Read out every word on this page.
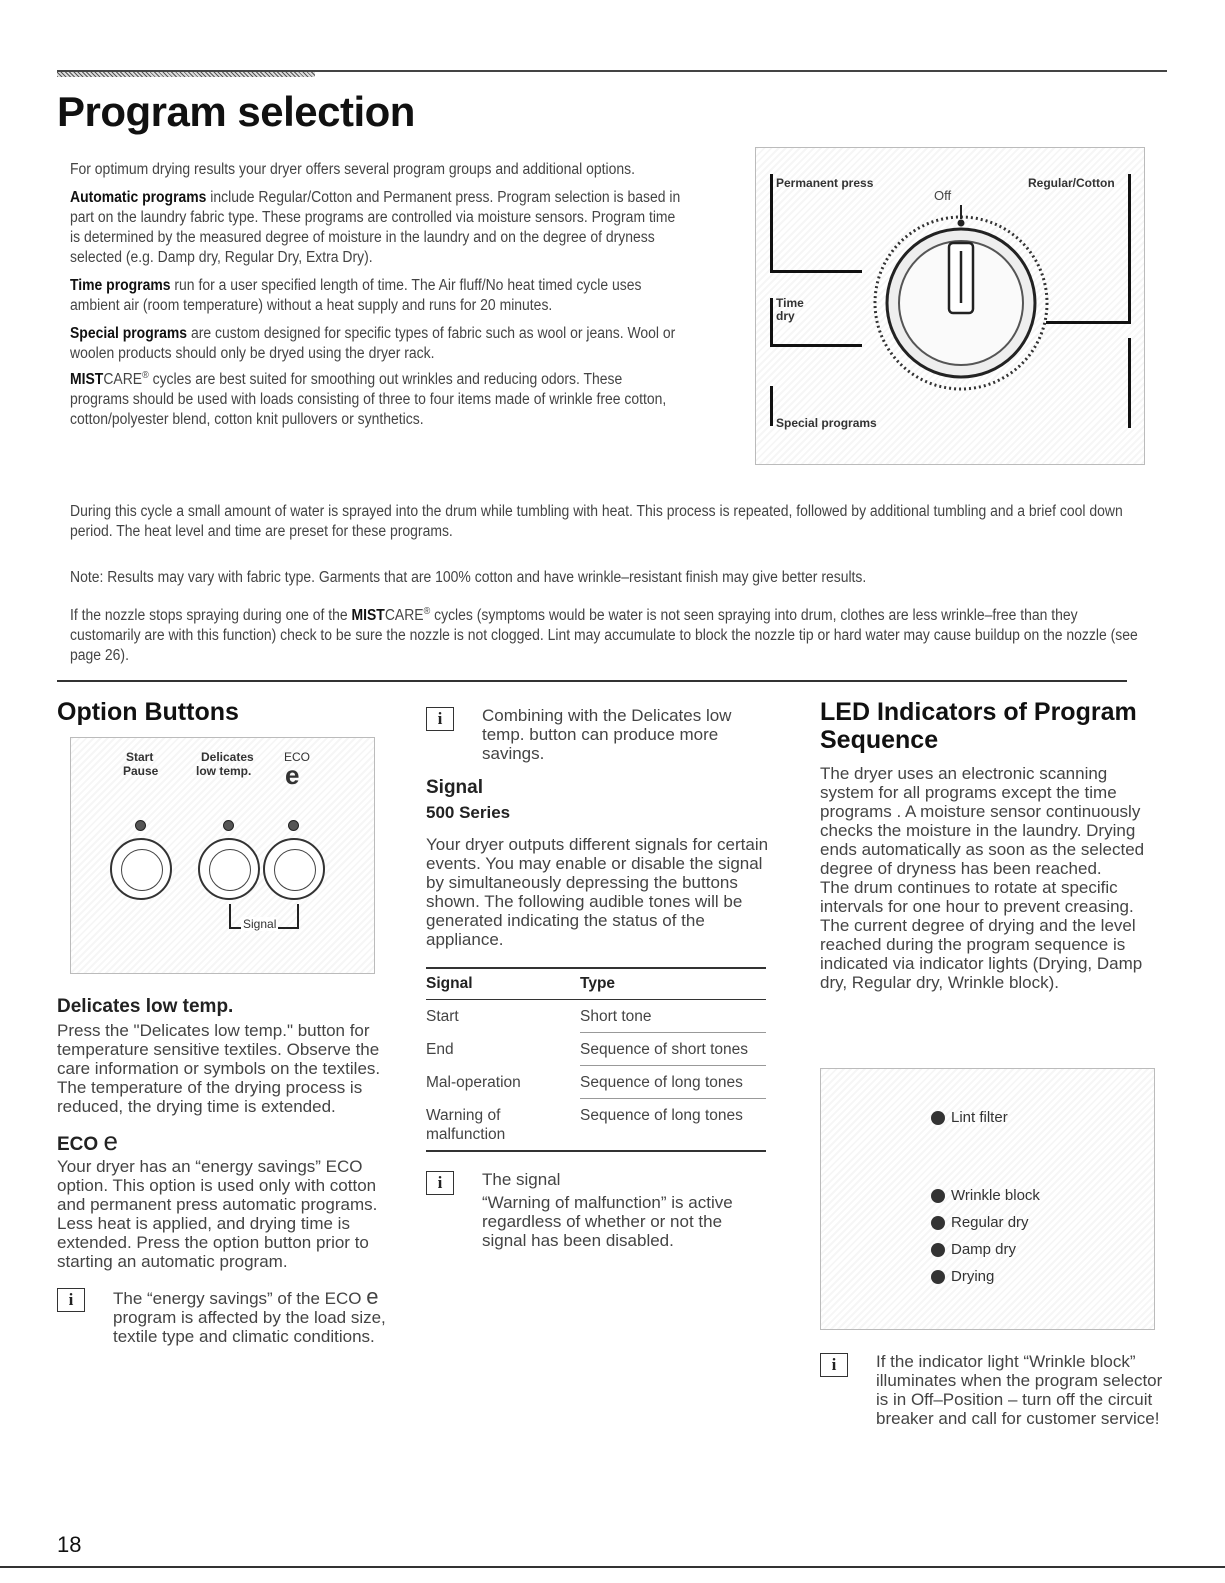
Program selection

For optimum drying results your dryer offers several program groups and additional options.

Automatic programs include Regular/Cotton and Permanent press. Program selection is based in part on the laundry fabric type. These programs are controlled via moisture sensors. Program time is determined by the measured degree of moisture in the laundry and on the degree of dryness selected (e.g. Damp dry, Regular Dry, Extra Dry).

Time programs run for a user specified length of time. The Air fluff/No heat timed cycle uses ambient air (room temperature) without a heat supply and runs for 20 minutes.

Special programs are custom designed for specific types of fabric such as wool or jeans. Wool or woolen products should only be dryed using the dryer rack.

MISTCARE® cycles are best suited for smoothing out wrinkles and reducing odors. These programs should be used with loads consisting of three to four items made of wrinkle free cotton, cotton/polyester blend, cotton knit pullovers or synthetics.

During this cycle a small amount of water is sprayed into the drum while tumbling with heat. This process is repeated, followed by additional tumbling and a brief cool down period. The heat level and time are preset for these programs.
Note: Results may vary with fabric type. Garments that are 100% cotton and have wrinkle–resistant finish may give better results.
If the nozzle stops spraying during one of the MISTCARE® cycles (symptoms would be water is not seen spraying into drum, clothes are less wrinkle–free than they customarily are with this function) check to be sure the nozzle is not clogged. Lint may accumulate to block the nozzle tip or hard water may cause buildup on the nozzle (see page 26).
Permanent press	Regular/Cotton
Off
Time
dry
Special programs
Option Buttons
Start
Pause
Delicates
low temp.
ECO
e
Signal
Delicates low temp.
Press the "Delicates low temp." button for temperature sensitive textiles. Observe the care information or symbols on the textiles. The temperature of the drying process is reduced, the drying time is extended.
ECO e
Your dryer has an “energy savings” ECO option. This option is used only with cotton and permanent press automatic programs. Less heat is applied, and drying time is extended. Press the option button prior to starting an automatic program.
i	The “energy savings” of the ECO e program is affected by the load size, textile type and climatic conditions.
i	Combining with the Delicates low temp. button can produce more savings.
Signal
500 Series
Your dryer outputs different signals for certain events. You may enable or disable the signal by simultaneously depressing the buttons shown. The following audible tones will be generated indicating the status of the appliance.
Signal	Type
Start	Short tone
End	Sequence of short tones
Mal-operation	Sequence of long tones
Warning of malfunction	Sequence of long tones
i	The signal
“Warning of malfunction” is active regardless of whether or not the signal has been disabled.
LED Indicators of Program Sequence
The dryer uses an electronic scanning system for all programs except the time programs . A moisture sensor continuously checks the moisture in the laundry. Drying ends automatically as soon as the selected degree of dryness has been reached.
The drum continues to rotate at specific intervals for one hour to prevent creasing.
The current degree of drying and the level reached during the program sequence is indicated via indicator lights (Drying, Damp dry, Regular dry, Wrinkle block).
Lint filter
Wrinkle block
Regular dry
Damp dry
Drying
i	If the indicator light “Wrinkle block” illuminates when the program selector is in Off–Position – turn off the circuit breaker and call for customer service!
18
